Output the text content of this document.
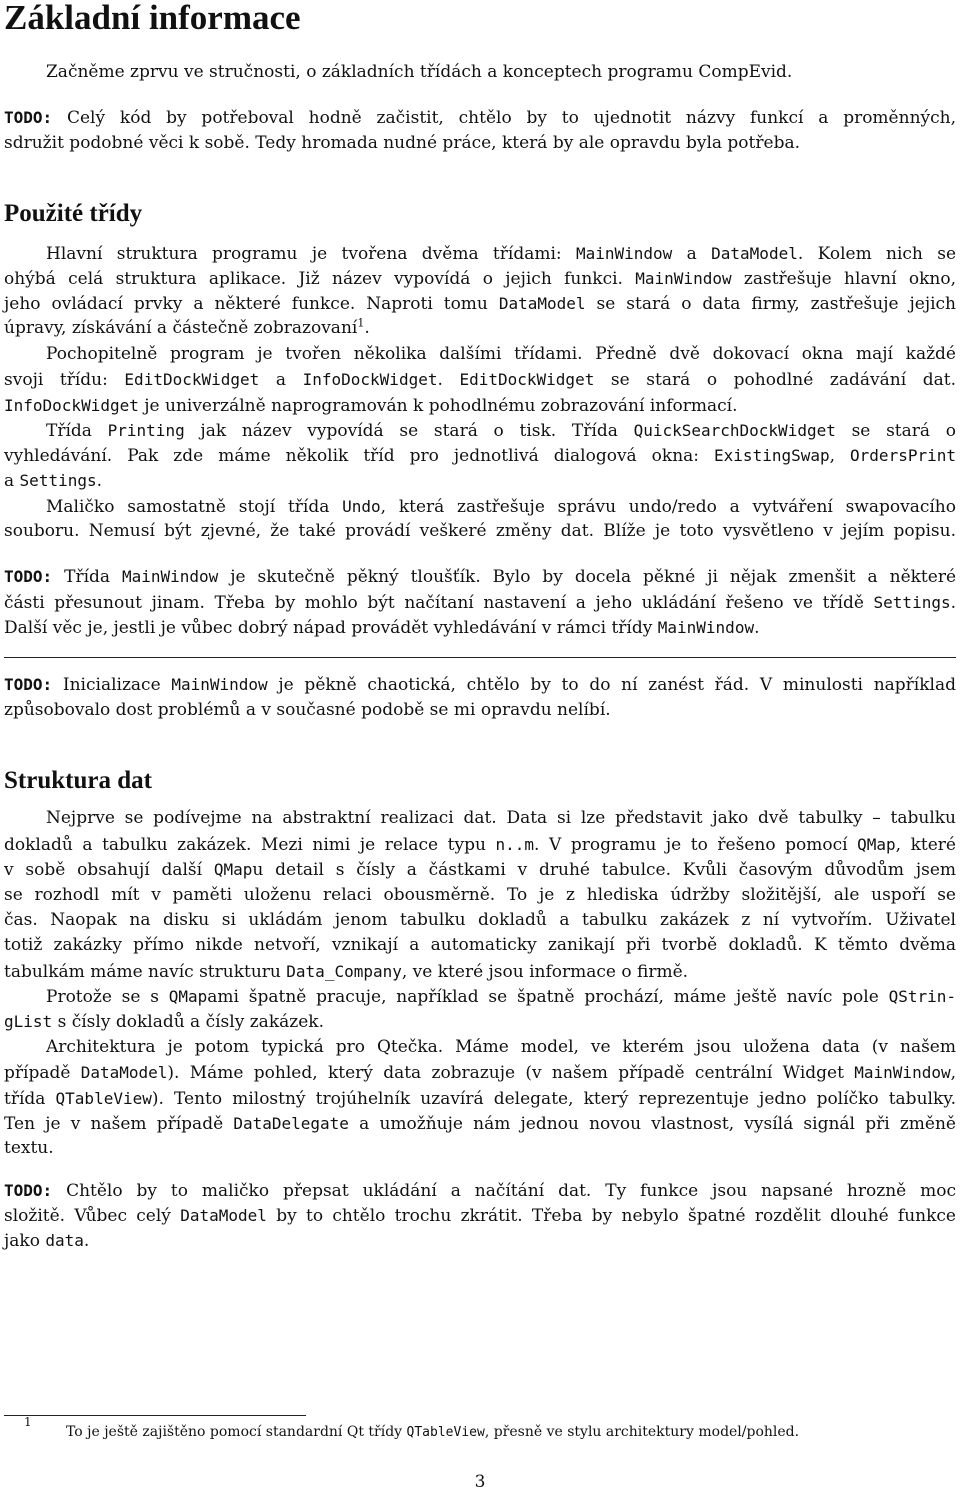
Základní informace
Začněme zprvu ve stručnosti, o základních třídách a konceptech programu CompEvid.
TODO: Celý kód by potřeboval hodně začistit, chtělo by to ujednotit názvy funkcí a proměnných,
sdružit podobné věci k sobě. Tedy hromada nudné práce, která by ale opravdu byla potřeba.
Použité třídy
Hlavní struktura programu je tvořena dvěma třídami: MainWindow a DataModel. Kolem nich se
ohýbá celá struktura aplikace. Již název vypovídá o jejich funkci. MainWindow zastřešuje hlavní okno,
jeho ovládací prvky a některé funkce. Naproti tomu DataModel se stará o data firmy, zastřešuje jejich
úpravy, získávání a částečně zobrazovaní$^1$.
Pochopitelně program je tvořen několika dalšími třídami. Předně dvě dokovací okna mají každé
svoji třídu: EditDockWidget a InfoDockWidget. EditDockWidget se stará o pohodlné zadávání dat.
InfoDockWidget je univerzálně naprogramován k pohodlnému zobrazování informací.
Třída Printing jak název vypovídá se stará o tisk. Třída QuickSearchDockWidget se stará o
vyhledávání. Pak zde máme několik tříd pro jednotlivá dialogová okna: ExistingSwap, OrdersPrint
a Settings.
Maličko samostatně stojí třída Undo, která zastřešuje správu undo/redo a vytváření swapovacího
souboru. Nemusí být zjevné, že také provádí veškeré změny dat. Blíže je toto vysvětleno v jejím popisu.
TODO: Třída MainWindow je skutečně pěkný tloušťík. Bylo by docela pěkné ji nějak zmenšit a některé
části přesunout jinam. Třeba by mohlo být načítaní nastavení a jeho ukládání řešeno ve třídě Settings.
Další věc je, jestli je vůbec dobrý nápad provádět vyhledávání v rámci třídy MainWindow.
TODO: Inicializace MainWindow je pěkně chaotická, chtělo by to do ní zanést řád. V minulosti například
způsobovalo dost problémů a v současné podobě se mi opravdu nelíbí.
Struktura dat
Nejprve se podívejme na abstraktní realizaci dat. Data si lze představit jako dvě tabulky – tabulku
dokladů a tabulku zakázek. Mezi nimi je relace typu n..m. V programu je to řešeno pomocí QMap, které
v sobě obsahují další QMapu detail s čísly a částkami v druhé tabulce. Kvůli časovým důvodům jsem
se rozhodl mít v paměti uloženu relaci obousměrně. To je z hlediska údržby složitější, ale uspoří se
čas. Naopak na disku si ukládám jenom tabulku dokladů a tabulku zakázek z ní vytvořím. Uživatel
totiž zakázky přímo nikde netvoří, vznikají a automaticky zanikají při tvorbě dokladů. K těmto dvěma
tabulkám máme navíc strukturu Data_Company, ve které jsou informace o firmě.
Protože se s QMapami špatně pracuje, například se špatně prochází, máme ještě navíc pole QStrin-
gList s čísly dokladů a čísly zakázek.
Architektura je potom typická pro Qtečka. Máme model, ve kterém jsou uložena data (v našem
případě DataModel). Máme pohled, který data zobrazuje (v našem případě centrální Widget MainWindow,
třída QTableView). Tento milostný trojúhelník uzavírá delegate, který reprezentuje jedno políčko tabulky.
Ten je v našem případě DataDelegate a umožňuje nám jednou novou vlastnost, vysílá signál při změně
textu.
TODO: Chtělo by to maličko přepsat ukládání a načítání dat. Ty funkce jsou napsané hrozně moc
složitě. Vůbec celý DataModel by to chtělo trochu zkrátit. Třeba by nebylo špatné rozdělit dlouhé funkce
jako data.
1
To je ještě zajištěno pomocí standardní Qt třídy QTableView, přesně ve stylu architektury model/pohled.
3
